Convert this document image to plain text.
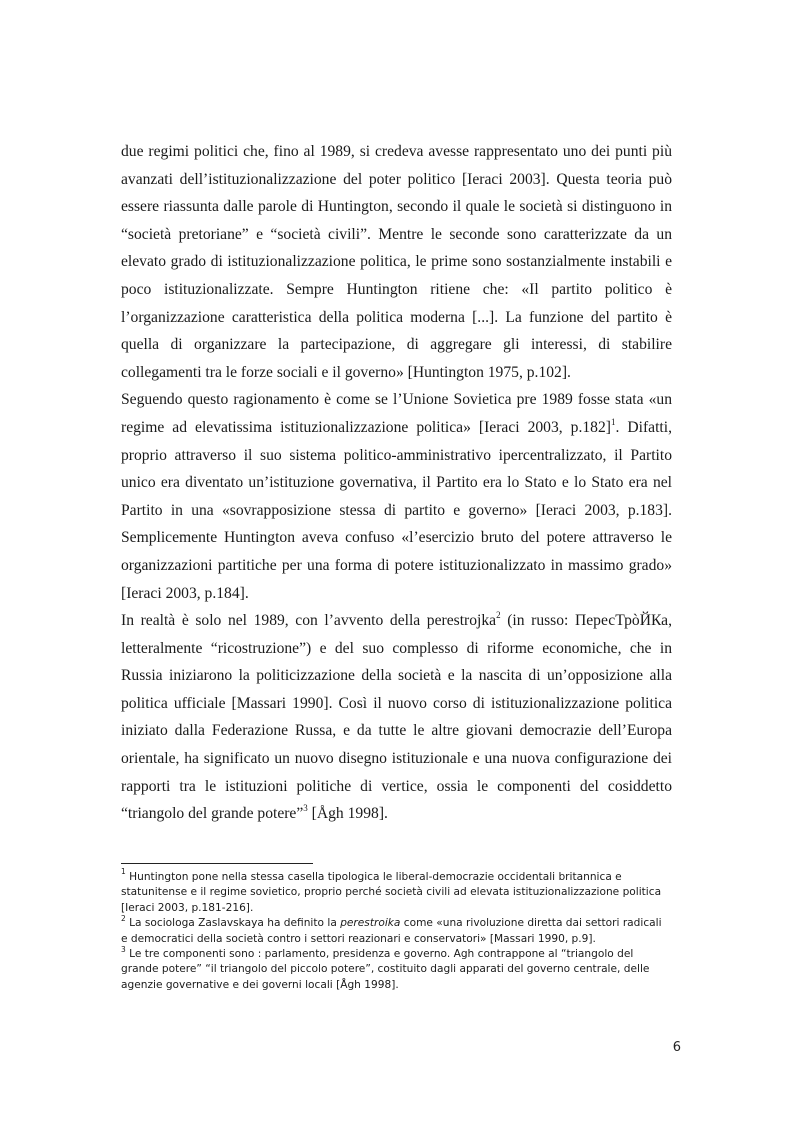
due regimi politici che, fino al 1989, si credeva avesse rappresentato uno dei punti più avanzati dell’istituzionalizzazione del poter politico [Ieraci 2003]. Questa teoria può essere riassunta dalle parole di Huntington, secondo il quale le società si distinguono in “società pretoriane” e “società civili”. Mentre le seconde sono caratterizzate da un elevato grado di istituzionalizzazione politica, le prime sono sostanzialmente instabili e poco istituzionalizzate. Sempre Huntington ritiene che: «Il partito politico è l’organizzazione caratteristica della politica moderna [...]. La funzione del partito è quella di organizzare la partecipazione, di aggregare gli interessi, di stabilire collegamenti tra le forze sociali e il governo» [Huntington 1975, p.102].

Seguendo questo ragionamento è come se l’Unione Sovietica pre 1989 fosse stata «un regime ad elevatissima istituzionalizzazione politica» [Ieraci 2003, p.182]$^1$. Difatti, proprio attraverso il suo sistema politico-amministrativo ipercentralizzato, il Partito unico era diventato un’istituzione governativa, il Partito era lo Stato e lo Stato era nel Partito in una «sovrapposizione stessa di partito e governo» [Ieraci 2003, p.183]. Semplicemente Huntington aveva confuso «l’esercizio bruto del potere attraverso le organizzazioni partitiche per una forma di potere istituzionalizzato in massimo grado» [Ieraci 2003, p.184].

In realtà è solo nel 1989, con l’avvento della perestrojka$^2$ (in russo: ПересТрòЙКа, letteralmente “ricostruzione”) e del suo complesso di riforme economiche, che in Russia iniziarono la politicizzazione della società e la nascita di un’opposizione alla politica ufficiale [Massari 1990]. Così il nuovo corso di istituzionalizzazione politica iniziato dalla Federazione Russa, e da tutte le altre giovani democrazie dell’Europa orientale, ha significato un nuovo disegno istituzionale e una nuova configurazione dei rapporti tra le istituzioni politiche di vertice, ossia le componenti del cosiddetto “triangolo del grande potere”$^3$ [Ågh 1998].

$^1$ Huntington pone nella stessa casella tipologica le liberal-democrazie occidentali britannica e statunitense e il regime sovietico, proprio perché società civili ad elevata istituzionalizzazione politica [Ieraci 2003, p.181-216].

$^2$ La sociologa Zaslavskaya ha definito la perestroika come «una rivoluzione diretta dai settori radicali e democratici della società contro i settori reazionari e conservatori» [Massari 1990, p.9].

$^3$ Le tre componenti sono : parlamento, presidenza e governo. Agh contrappone al “triangolo del grande potere” “il triangolo del piccolo potere”, costituito dagli apparati del governo centrale, delle agenzie governative e dei governi locali [Ågh 1998].

6
